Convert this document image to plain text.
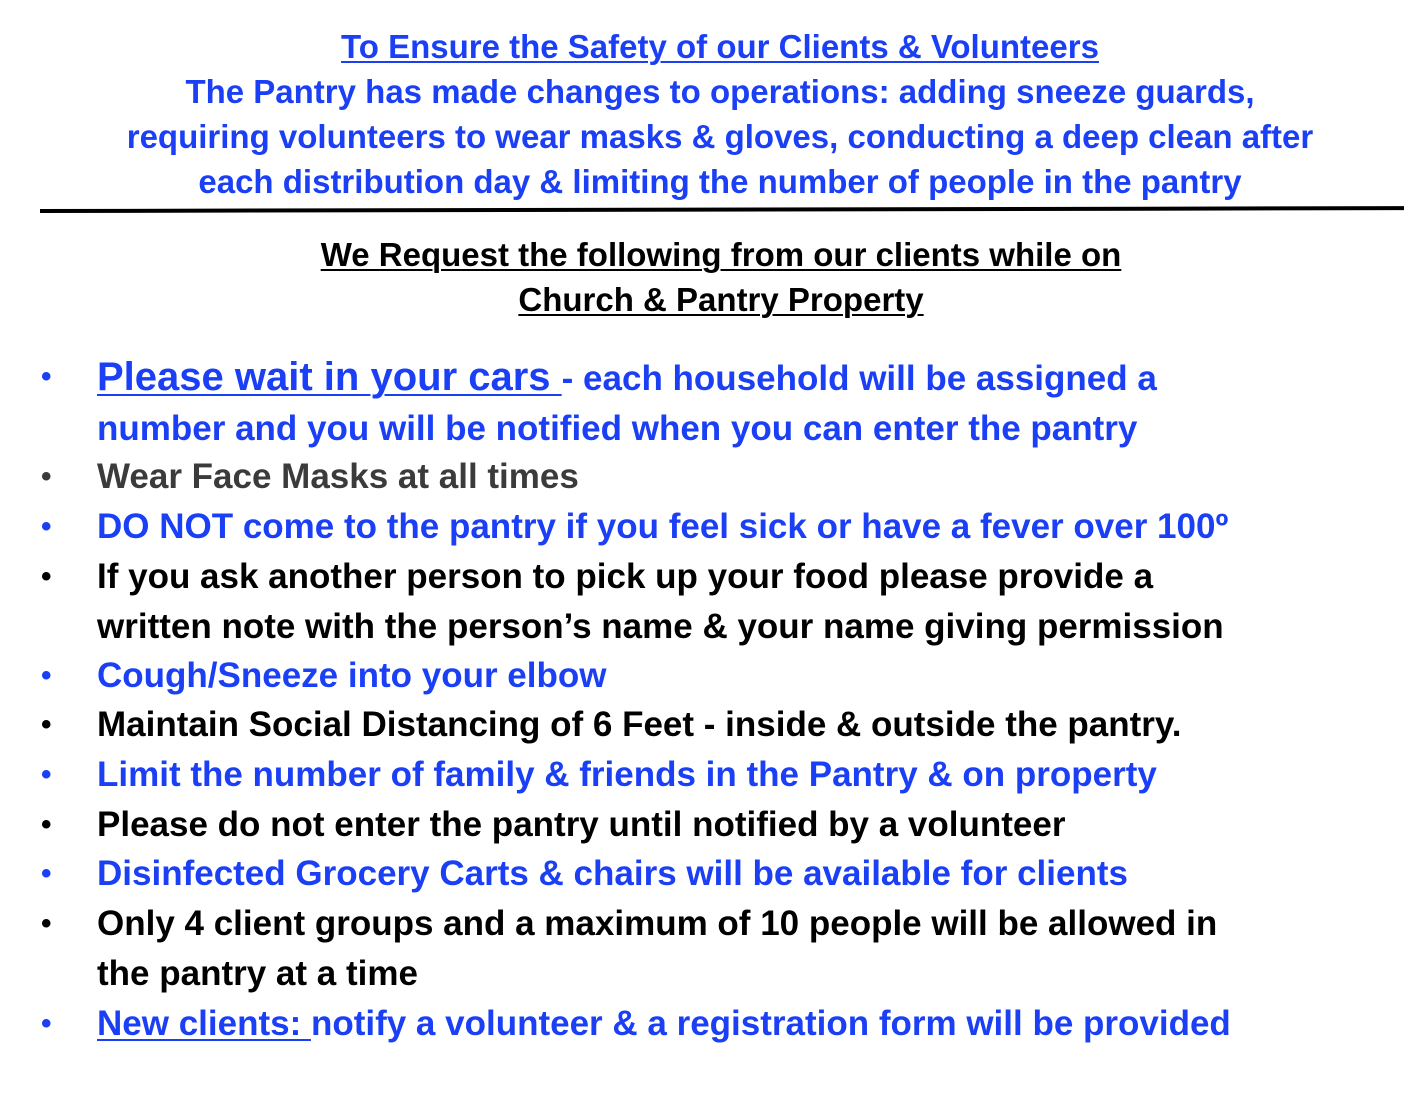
To Ensure the Safety of our Clients & Volunteers
The Pantry has made changes to operations: adding sneeze guards,
requiring volunteers to wear masks & gloves, conducting a deep clean after
each distribution day & limiting the number of people in the pantry
We Request the following from our clients while on
Church & Pantry Property
• Please wait in your cars - each household will be assigned a
number and you will be notified when you can enter the pantry
• Wear Face Masks at all times
• DO NOT come to the pantry if you feel sick or have a fever over 100º
• If you ask another person to pick up your food please provide a
written note with the person’s name & your name giving permission
• Cough/Sneeze into your elbow
• Maintain Social Distancing of 6 Feet - inside & outside the pantry.
• Limit the number of family & friends in the Pantry & on property
• Please do not enter the pantry until notified by a volunteer
• Disinfected Grocery Carts & chairs will be available for clients
• Only 4 client groups and a maximum of 10 people will be allowed in
the pantry at a time
• New clients: notify a volunteer & a registration form will be provided
